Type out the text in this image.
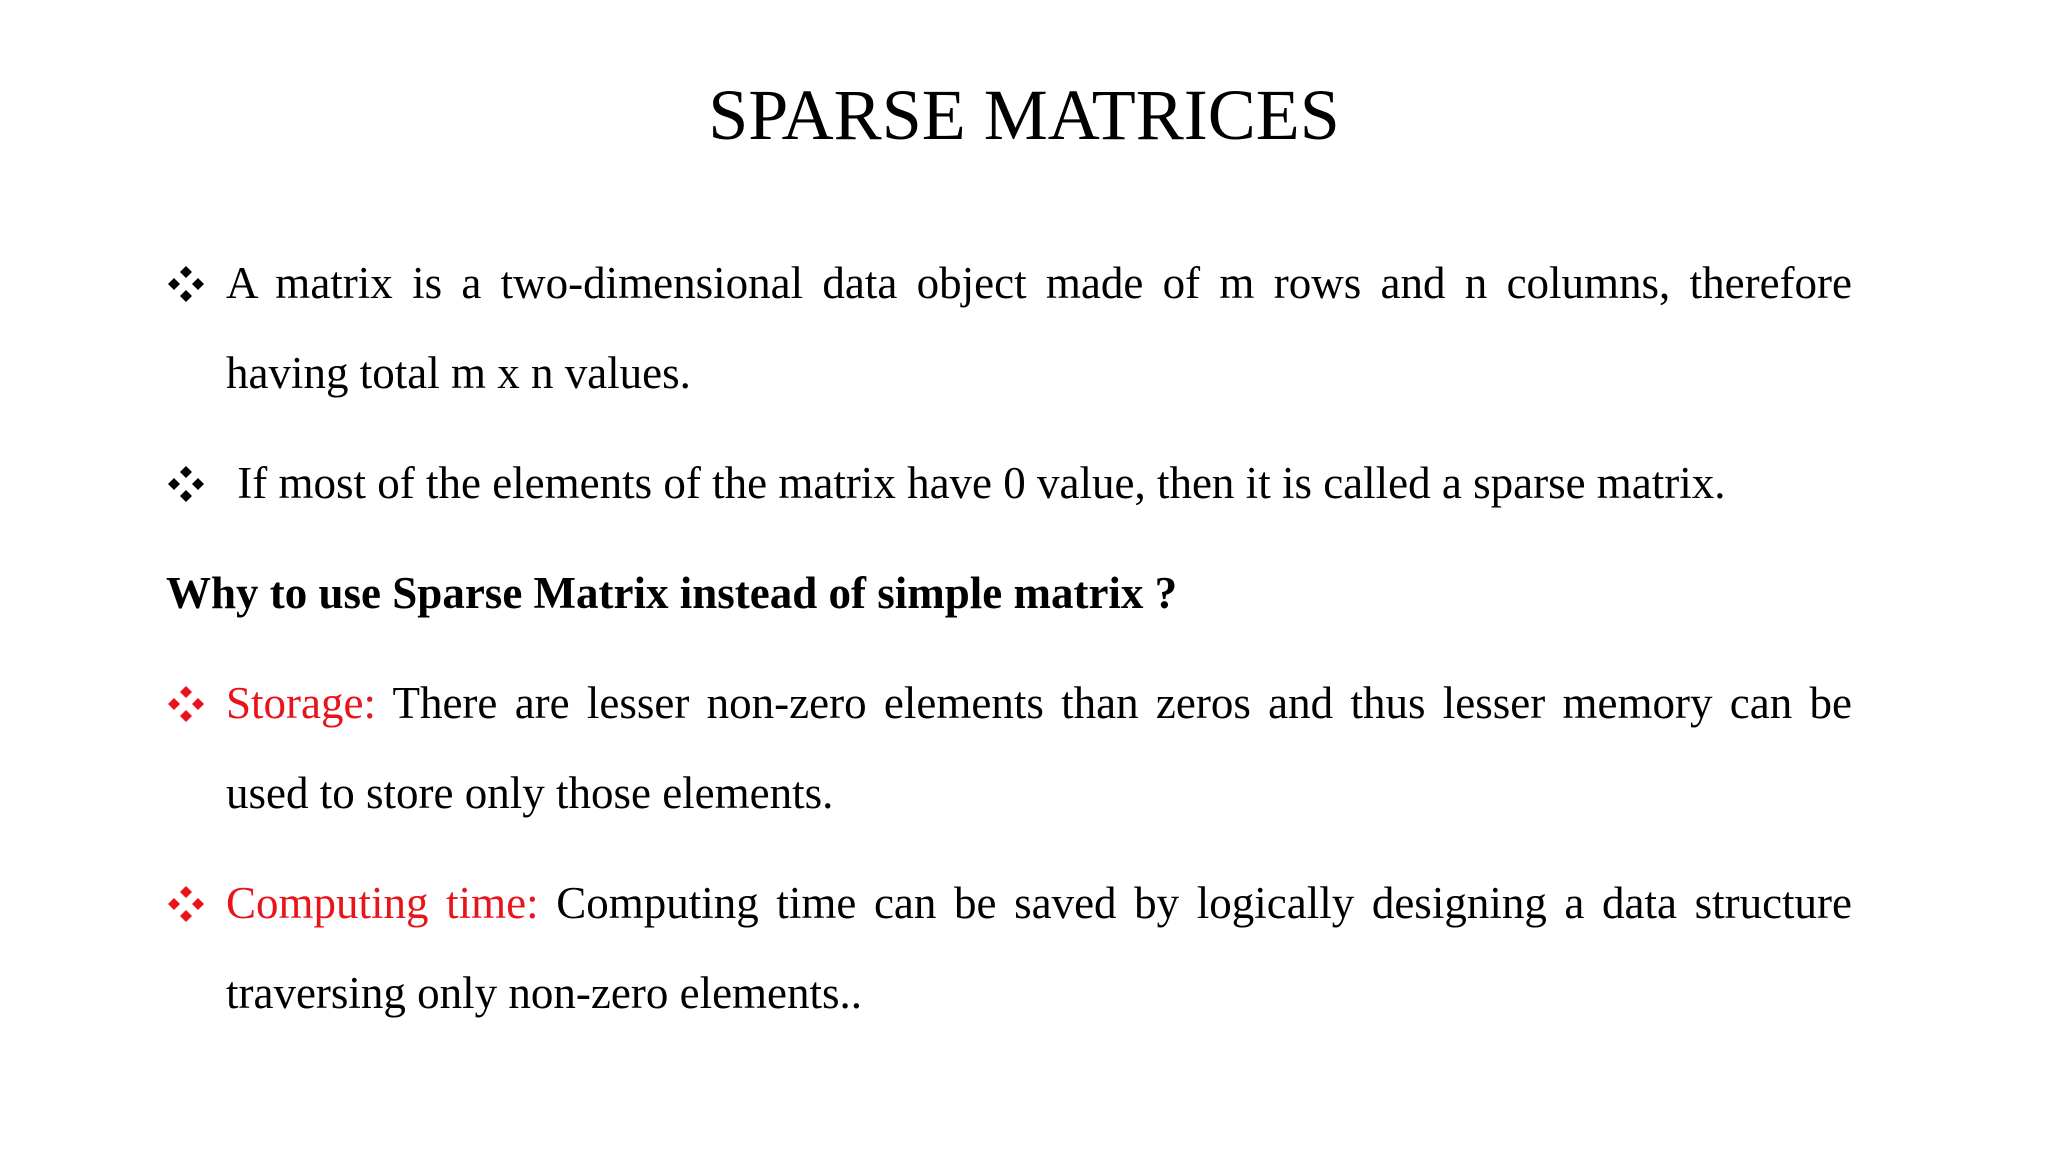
SPARSE MATRICES
A matrix is a two-dimensional data object made of m rows and n columns, therefore having total m x n values.
If most of the elements of the matrix have 0 value, then it is called a sparse matrix.
Why to use Sparse Matrix instead of simple matrix ?
Storage: There are lesser non-zero elements than zeros and thus lesser memory can be used to store only those elements.
Computing time: Computing time can be saved by logically designing a data structure traversing only non-zero elements..
